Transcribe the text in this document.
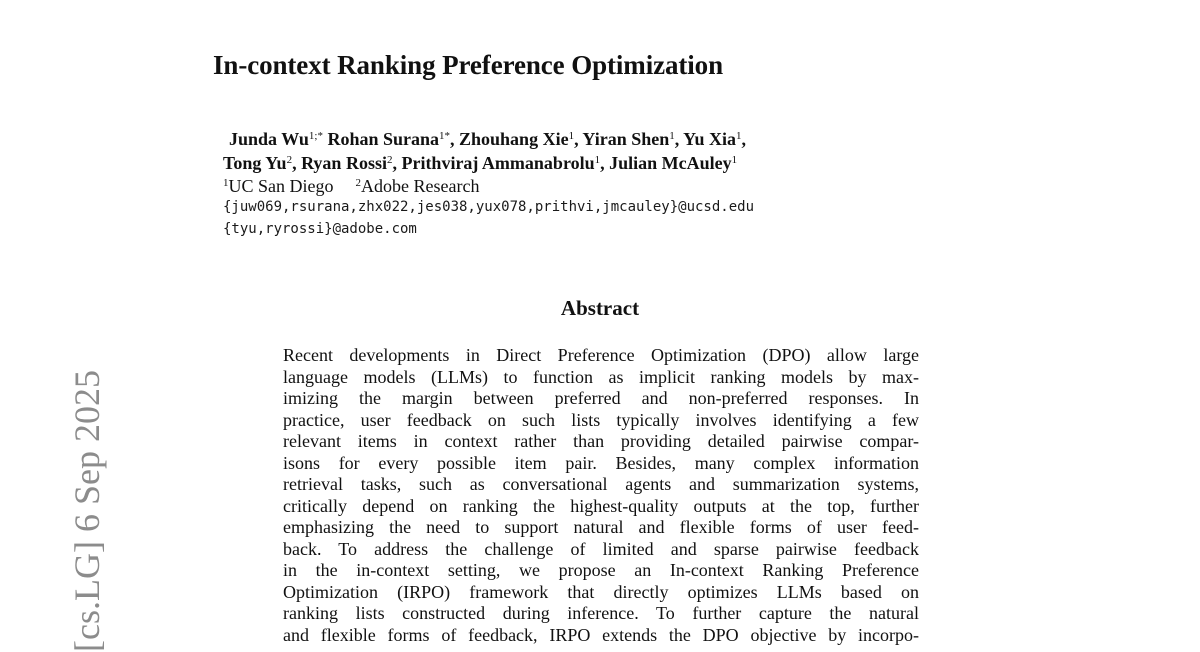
[cs.LG] 6 Sep 2025
In-context Ranking Preference Optimization
Junda $Wu^{1;*}$ Rohan Surana$^{1*}$, Zhouhang Xie$^1$, Yiran Shen$^1$, Yu Xia$^1$,
Tong Yu$^2$, Ryan Rossi$^2$, Prithviraj Ammanabrolu$^1$, Julian McAuley$^1$
$^1$UC San Diego $^2$Adobe Research
{juw069,rsurana,zhx022,jes038,yux078,prithvi,jmcauley}@ucsd.edu
{tyu,ryrossi}@adobe.com
Abstract
Recent developments in Direct Preference Optimization (DPO) allow large
language models (LLMs) to function as implicit ranking models by max-
imizing the margin between preferred and non-preferred responses. In
practice, user feedback on such lists typically involves identifying a few
relevant items in context rather than providing detailed pairwise compar-
isons for every possible item pair. Besides, many complex information
retrieval tasks, such as conversational agents and summarization systems,
critically depend on ranking the highest-quality outputs at the top, further
emphasizing the need to support natural and flexible forms of user feed-
back. To address the challenge of limited and sparse pairwise feedback
in the in-context setting, we propose an In-context Ranking Preference
Optimization (IRPO) framework that directly optimizes LLMs based on
ranking lists constructed during inference. To further capture the natural
and flexible forms of feedback, IRPO extends the DPO objective by incorpo-
